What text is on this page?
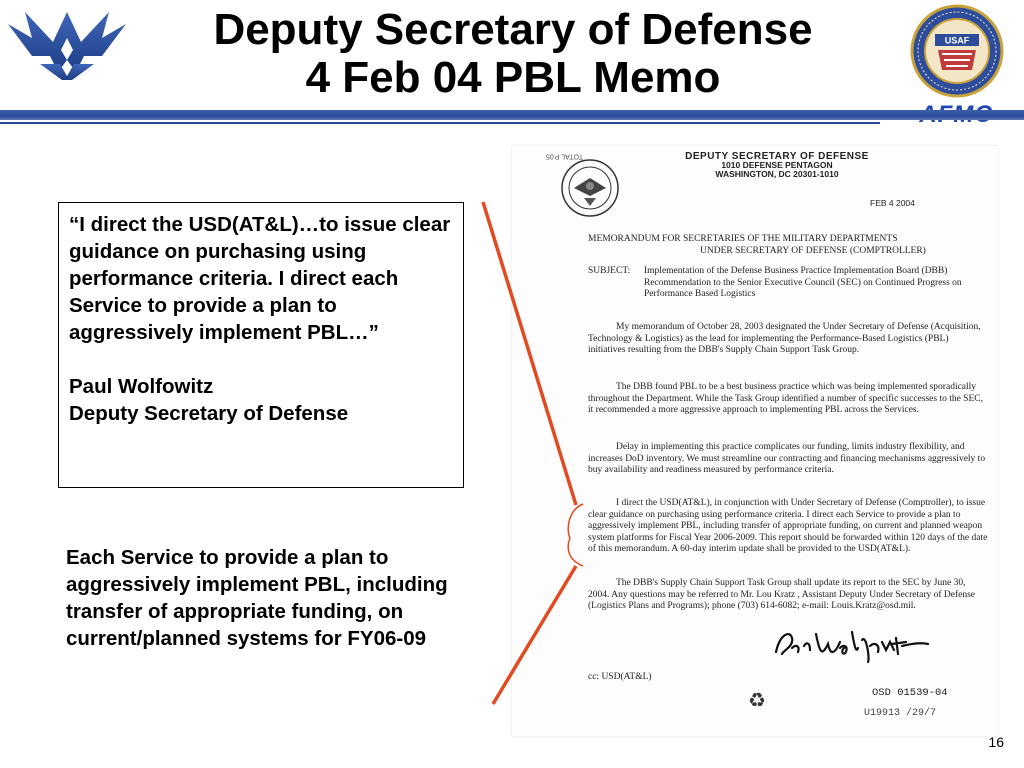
Deputy Secretary of Defense
4 Feb 04 PBL Memo
USAF

“I direct the USD(AT&L)…to issue clear guidance on purchasing using performance criteria. I direct each Service to provide a plan to aggressively implement PBL…”

Paul Wolfowitz

Deputy Secretary of Defense

Each Service to provide a plan to aggressively implement PBL, including transfer of appropriate funding, on current/planned systems for FY06-09
TOTAL P.05	DEPUTY SECRETARY OF DEFENSE
1010 DEFENSE PENTAGON
WASHINGTON, DC 20301-1010
FEB 4 2004
MEMORANDUM FOR SECRETARIES OF THE MILITARY DEPARTMENTS
UNDER SECRETARY OF DEFENSE (COMPTROLLER)
SUBJECT: Implementation of the Defense Business Practice Implementation Board (DBB) Recommendation to the Senior Executive Council (SEC) on Continued Progress on Performance Based Logistics
My memorandum of October 28, 2003 designated the Under Secretary of Defense (Acquisition, Technology & Logistics) as the lead for implementing the Performance-Based Logistics (PBL) initiatives resulting from the DBB's Supply Chain Support Task Group.
The DBB found PBL to be a best business practice which was being implemented sporadically throughout the Department. While the Task Group identified a number of specific successes to the SEC, it recommended a more aggressive approach to implementing PBL across the Services.
Delay in implementing this practice complicates our funding, limits industry flexibility, and increases DoD inventory. We must streamline our contracting and financing mechanisms aggressively to buy availability and readiness measured by performance criteria.
I direct the USD(AT&L), in conjunction with Under Secretary of Defense (Comptroller), to issue clear guidance on purchasing using performance criteria. I direct each Service to provide a plan to aggressively implement PBL, including transfer of appropriate funding, on current and planned weapon system platforms for Fiscal Year 2006-2009. This report should be forwarded within 120 days of the date of this memorandum. A 60-day interim update shall be provided to the USD(AT&L).
The DBB's Supply Chain Support Task Group shall update its report to the SEC by June 30, 2004. Any questions may be referred to Mr. Lou Kratz , Assistant Deputy Under Secretary of Defense (Logistics Plans and Programs); phone (703) 614-6082; e-mail: Louis.Kratz@osd.mil.
cc: USD(AT&L)
♻	OSD 01539-04
U19913 /29/7
16
